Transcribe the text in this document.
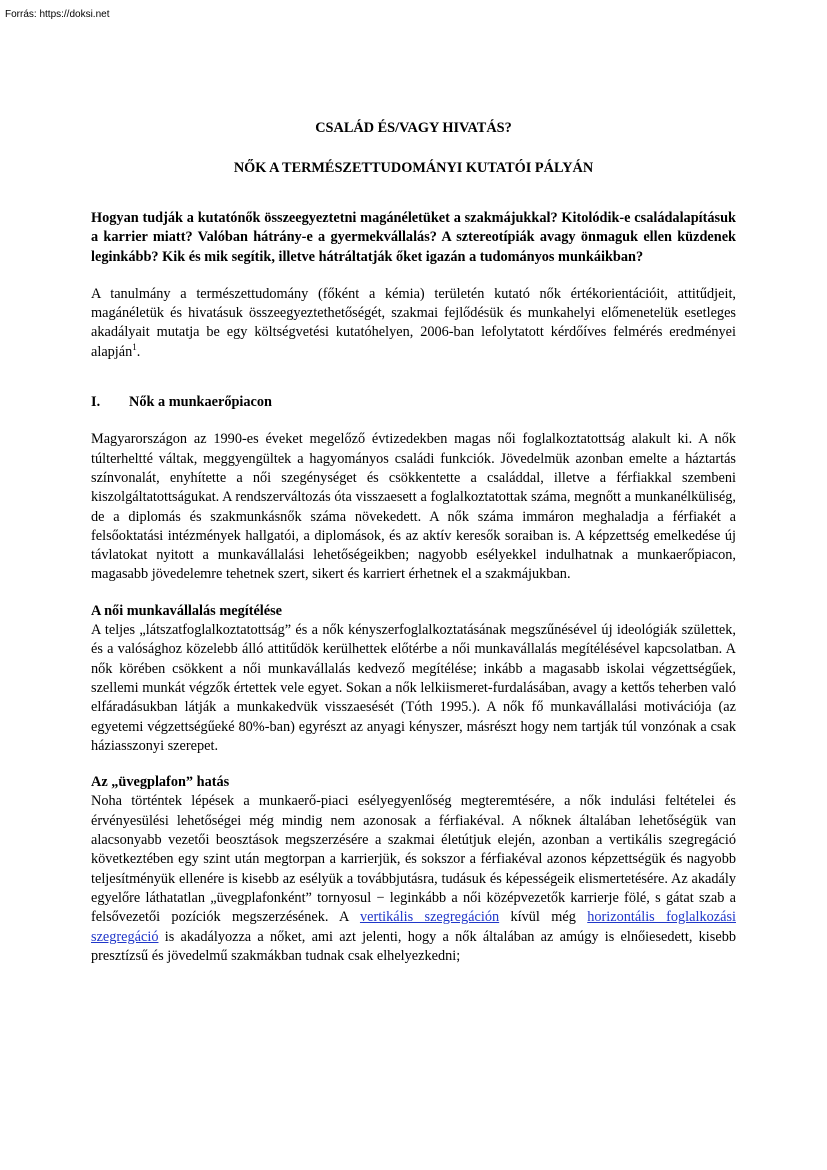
Forrás: https://doksi.net

CSALÁD ÉS/VAGY HIVATÁS?

NŐK A TERMÉSZETTUDOMÁNYI KUTATÓI PÁLYÁN

Hogyan tudják a kutatónők összeegyeztetni magánéletüket a szakmájukkal? Kitolódik-e családalapításuk a karrier miatt? Valóban hátrány-e a gyermekvállalás? A sztereotípiák avagy önmaguk ellen küzdenek leginkább? Kik és mik segítik, illetve hátráltatják őket igazán a tudományos munkáikban?

A tanulmány a természettudomány (főként a kémia) területén kutató nők értékorientációit, attitűdjeit, magánéletük és hivatásuk összeegyeztethetőségét, szakmai fejlődésük és munkahelyi előmenetelük esetleges akadályait mutatja be egy költségvetési kutatóhelyen, 2006-ban lefolytatott kérdőíves felmérés eredményei alapján$^1$.

I.	Nők a munkaerőpiacon

Magyarországon az 1990-es éveket megelőző évtizedekben magas női foglalkoztatottság alakult ki. A nők túlterheltté váltak, meggyengültek a hagyományos családi funkciók. Jövedelmük azonban emelte a háztartás színvonalát, enyhítette a női szegénységet és csökkentette a családdal, illetve a férfiakkal szembeni kiszolgáltatottságukat. A rendszerváltozás óta visszaesett a foglalkoztatottak száma, megnőtt a munkanélküliség, de a diplomás és szakmunkásnők száma növekedett. A nők száma immáron meghaladja a férfiakét a felsőoktatási intézmények hallgatói, a diplomások, és az aktív keresők soraiban is. A képzettség emelkedése új távlatokat nyitott a munkavállalási lehetőségeikben; nagyobb esélyekkel indulhatnak a munkaerőpiacon, magasabb jövedelemre tehetnek szert, sikert és karriert érhetnek el a szakmájukban.

A női munkavállalás megítélése

A teljes „látszatfoglalkoztatottság” és a nők kényszerfoglalkoztatásának megszűnésével új ideológiák születtek, és a valósághoz közelebb álló attitűdök kerülhettek előtérbe a női munkavállalás megítélésével kapcsolatban. A nők körében csökkent a női munkavállalás kedvező megítélése; inkább a magasabb iskolai végzettségűek, szellemi munkát végzők értettek vele egyet. Sokan a nők lelkiismeret-furdalásában, avagy a kettős teherben való elfáradásukban látják a munkakedvük visszaesését (Tóth 1995.). A nők fő munkavállalási motivációja (az egyetemi végzettségűeké 80%-ban) egyrészt az anyagi kényszer, másrészt hogy nem tartják túl vonzónak a csak háziasszonyi szerepet.

Az „üvegplafon” hatás

Noha történtek lépések a munkaerő-piaci esélyegyenlőség megteremtésére, a nők indulási feltételei és érvényesülési lehetőségei még mindig nem azonosak a férfiakéval. A nőknek általában lehetőségük van alacsonyabb vezetői beosztások megszerzésére a szakmai életútjuk elején, azonban a vertikális szegregáció következtében egy szint után megtorpan a karrierjük, és sokszor a férfiakéval azonos képzettségük és nagyobb teljesítményük ellenére is kisebb az esélyük a továbbjutásra, tudásuk és képességeik elismertetésére. Az akadály egyelőre láthatatlan „üvegplafonként” tornyosul − leginkább a női középvezetők karrierje fölé, s gátat szab a felsővezetői pozíciók megszerzésének. A vertikális szegregáción kívül még horizontális foglalkozási szegregáció is akadályozza a nőket, ami azt jelenti, hogy a nők általában az amúgy is elnőiesedett, kisebb presztízsű és jövedelmű szakmákban tudnak csak elhelyezkedni;
